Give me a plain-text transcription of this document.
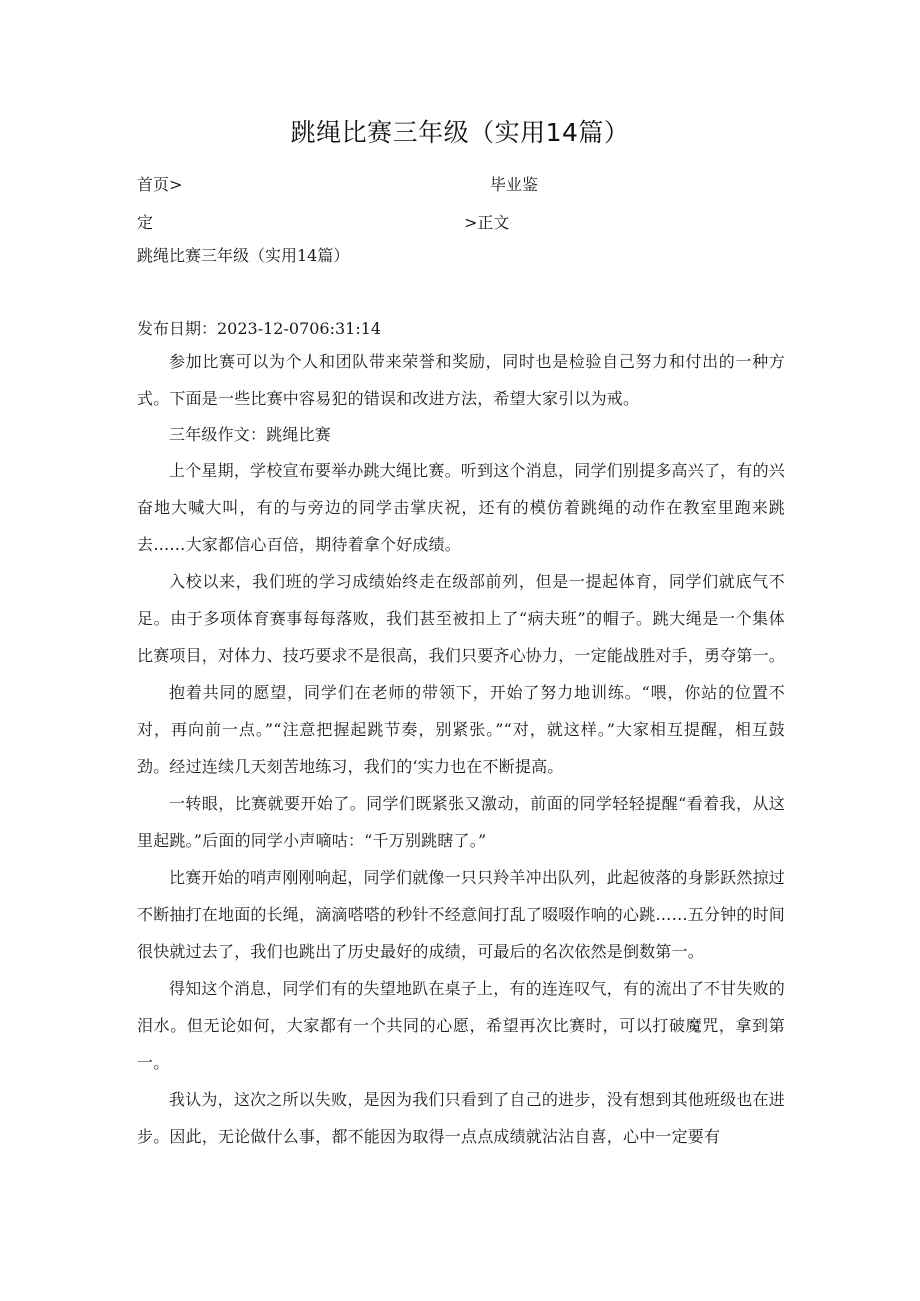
跳绳比赛三年级（实用14篇）
首页>	毕业鉴
定	>正文
跳绳比赛三年级（实用14篇）
发布日期：2023-12-0706:31:14

参加比赛可以为个人和团队带来荣誉和奖励，同时也是检验自己努力和付出的一种方式。下面是一些比赛中容易犯的错误和改进方法，希望大家引以为戒。

三年级作文：跳绳比赛

上个星期，学校宣布要举办跳大绳比赛。听到这个消息，同学们别提多高兴了，有的兴奋地大喊大叫，有的与旁边的同学击掌庆祝，还有的模仿着跳绳的动作在教室里跑来跳去……大家都信心百倍，期待着拿个好成绩。

入校以来，我们班的学习成绩始终走在级部前列，但是一提起体育，同学们就底气不足。由于多项体育赛事每每落败，我们甚至被扣上了“病夫班”的帽子。跳大绳是一个集体比赛项目，对体力、技巧要求不是很高，我们只要齐心协力，一定能战胜对手，勇夺第一。

抱着共同的愿望，同学们在老师的带领下，开始了努力地训练。“喂，你站的位置不对，再向前一点。”“注意把握起跳节奏，别紧张。”“对，就这样。”大家相互提醒，相互鼓劲。经过连续几天刻苦地练习，我们的‘实力也在不断提高。

一转眼，比赛就要开始了。同学们既紧张又激动，前面的同学轻轻提醒“看着我，从这里起跳。”后面的同学小声嘀咕：“千万别跳瞎了。”

比赛开始的哨声刚刚响起，同学们就像一只只羚羊冲出队列，此起彼落的身影跃然掠过不断抽打在地面的长绳，滴滴嗒嗒的秒针不经意间打乱了啜啜作响的心跳……五分钟的时间很快就过去了，我们也跳出了历史最好的成绩，可最后的名次依然是倒数第一。

得知这个消息，同学们有的失望地趴在桌子上，有的连连叹气，有的流出了不甘失败的泪水。但无论如何，大家都有一个共同的心愿，希望再次比赛时，可以打破魔咒，拿到第一。

我认为，这次之所以失败，是因为我们只看到了自己的进步，没有想到其他班级也在进步。因此，无论做什么事，都不能因为取得一点点成绩就沾沾自喜，心中一定要有
